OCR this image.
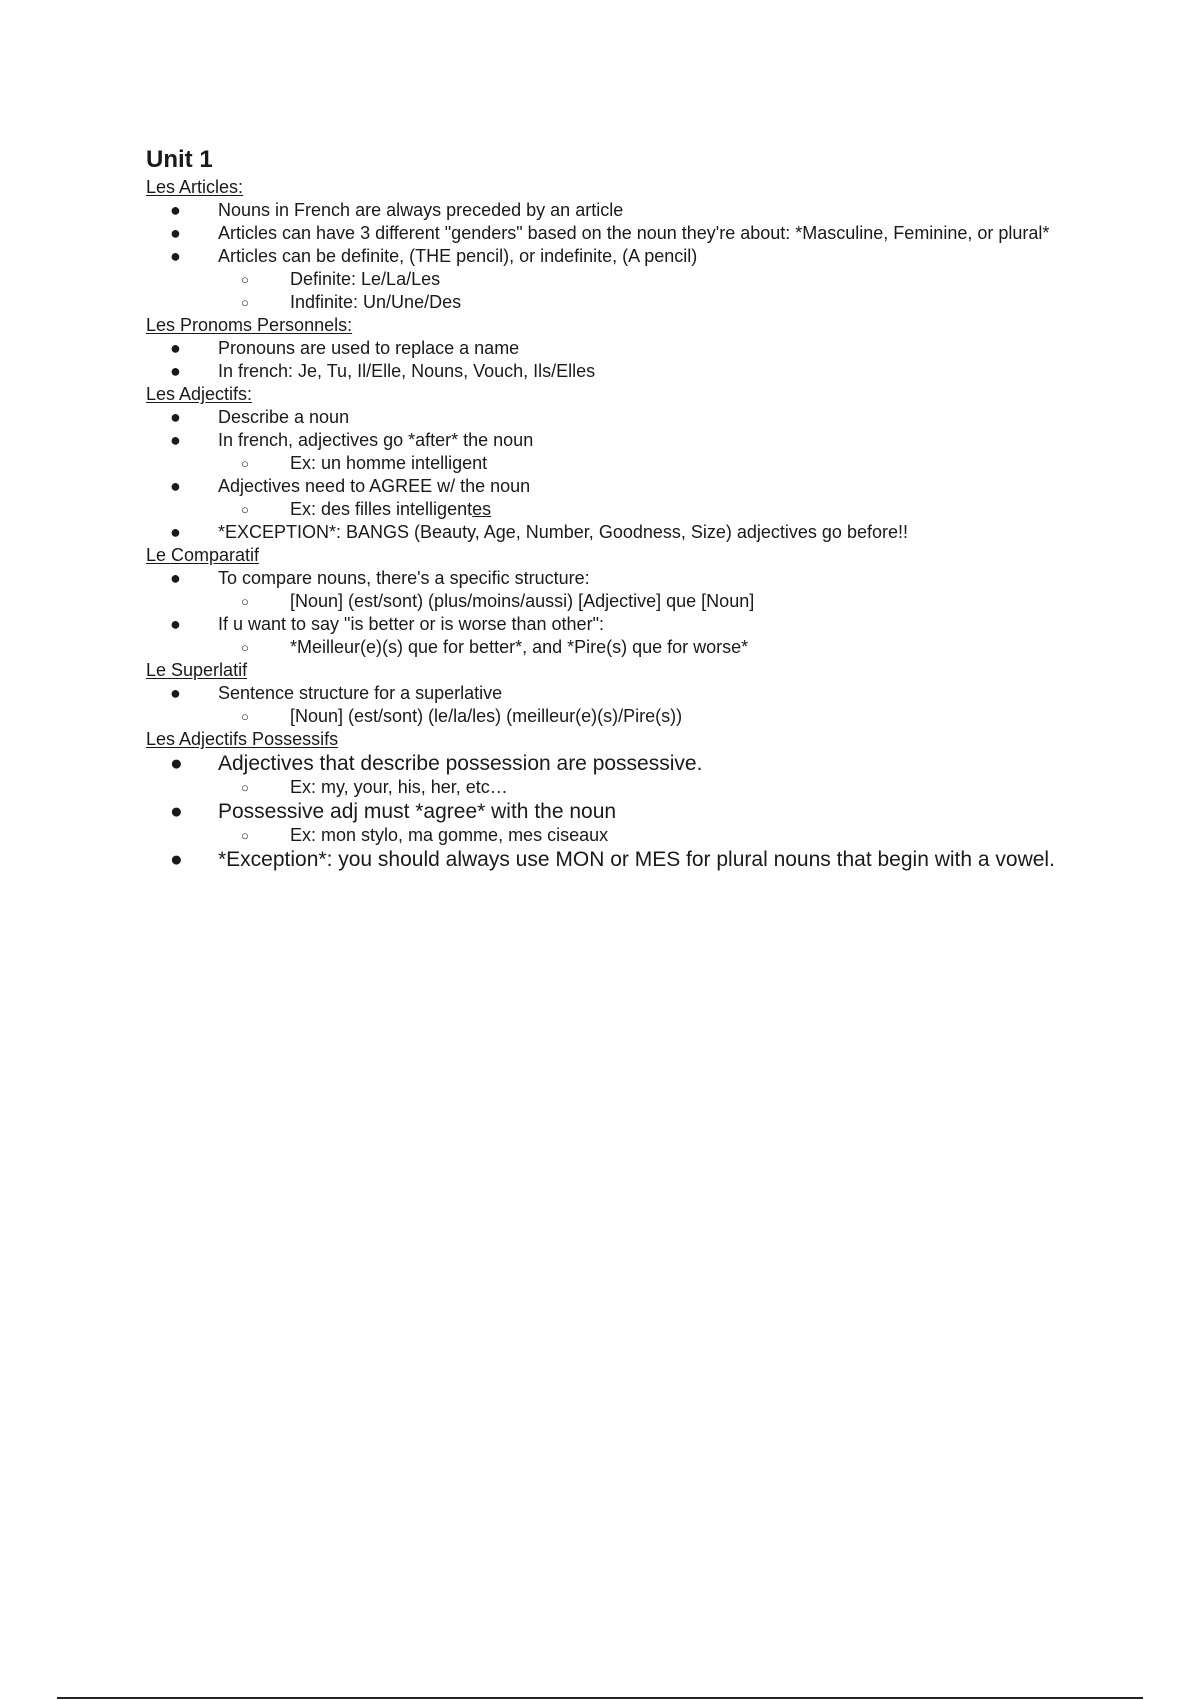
Unit 1
Les Articles:
●	Nouns in French are always preceded by an article
●	Articles can have 3 different "genders" based on the noun they're about: *Masculine, Feminine, or plural*
●	Articles can be definite, (THE pencil), or indefinite, (A pencil)
○ Definite: Le/La/Les
○ Indfinite: Un/Une/Des
Les Pronoms Personnels:
●	Pronouns are used to replace a name
●	In french: Je, Tu, Il/Elle, Nouns, Vouch, Ils/Elles
Les Adjectifs:
●	Describe a noun
●	In french, adjectives go *after* the noun
○ Ex: un homme intelligent
●	Adjectives need to AGREE w/ the noun
○ Ex: des filles intelligentes
●	*EXCEPTION*: BANGS (Beauty, Age, Number, Goodness, Size) adjectives go before!!
Le Comparatif
●	To compare nouns, there's a specific structure:
○ [Noun] (est/sont) (plus/moins/aussi) [Adjective] que [Noun]
●	If u want to say "is better or is worse than other":
○ *Meilleur(e)(s) que for better*, and *Pire(s) que for worse*
Le Superlatif
●	Sentence structure for a superlative
○ [Noun] (est/sont) (le/la/les) (meilleur(e)(s)/Pire(s))
Les Adjectifs Possessifs
●	Adjectives that describe possession are possessive.
○ Ex: my, your, his, her, etc…
●	Possessive adj must *agree* with the noun
○ Ex: mon stylo, ma gomme, mes ciseaux
●	*Exception*: you should always use MON or MES for plural nouns that begin with a vowel.
